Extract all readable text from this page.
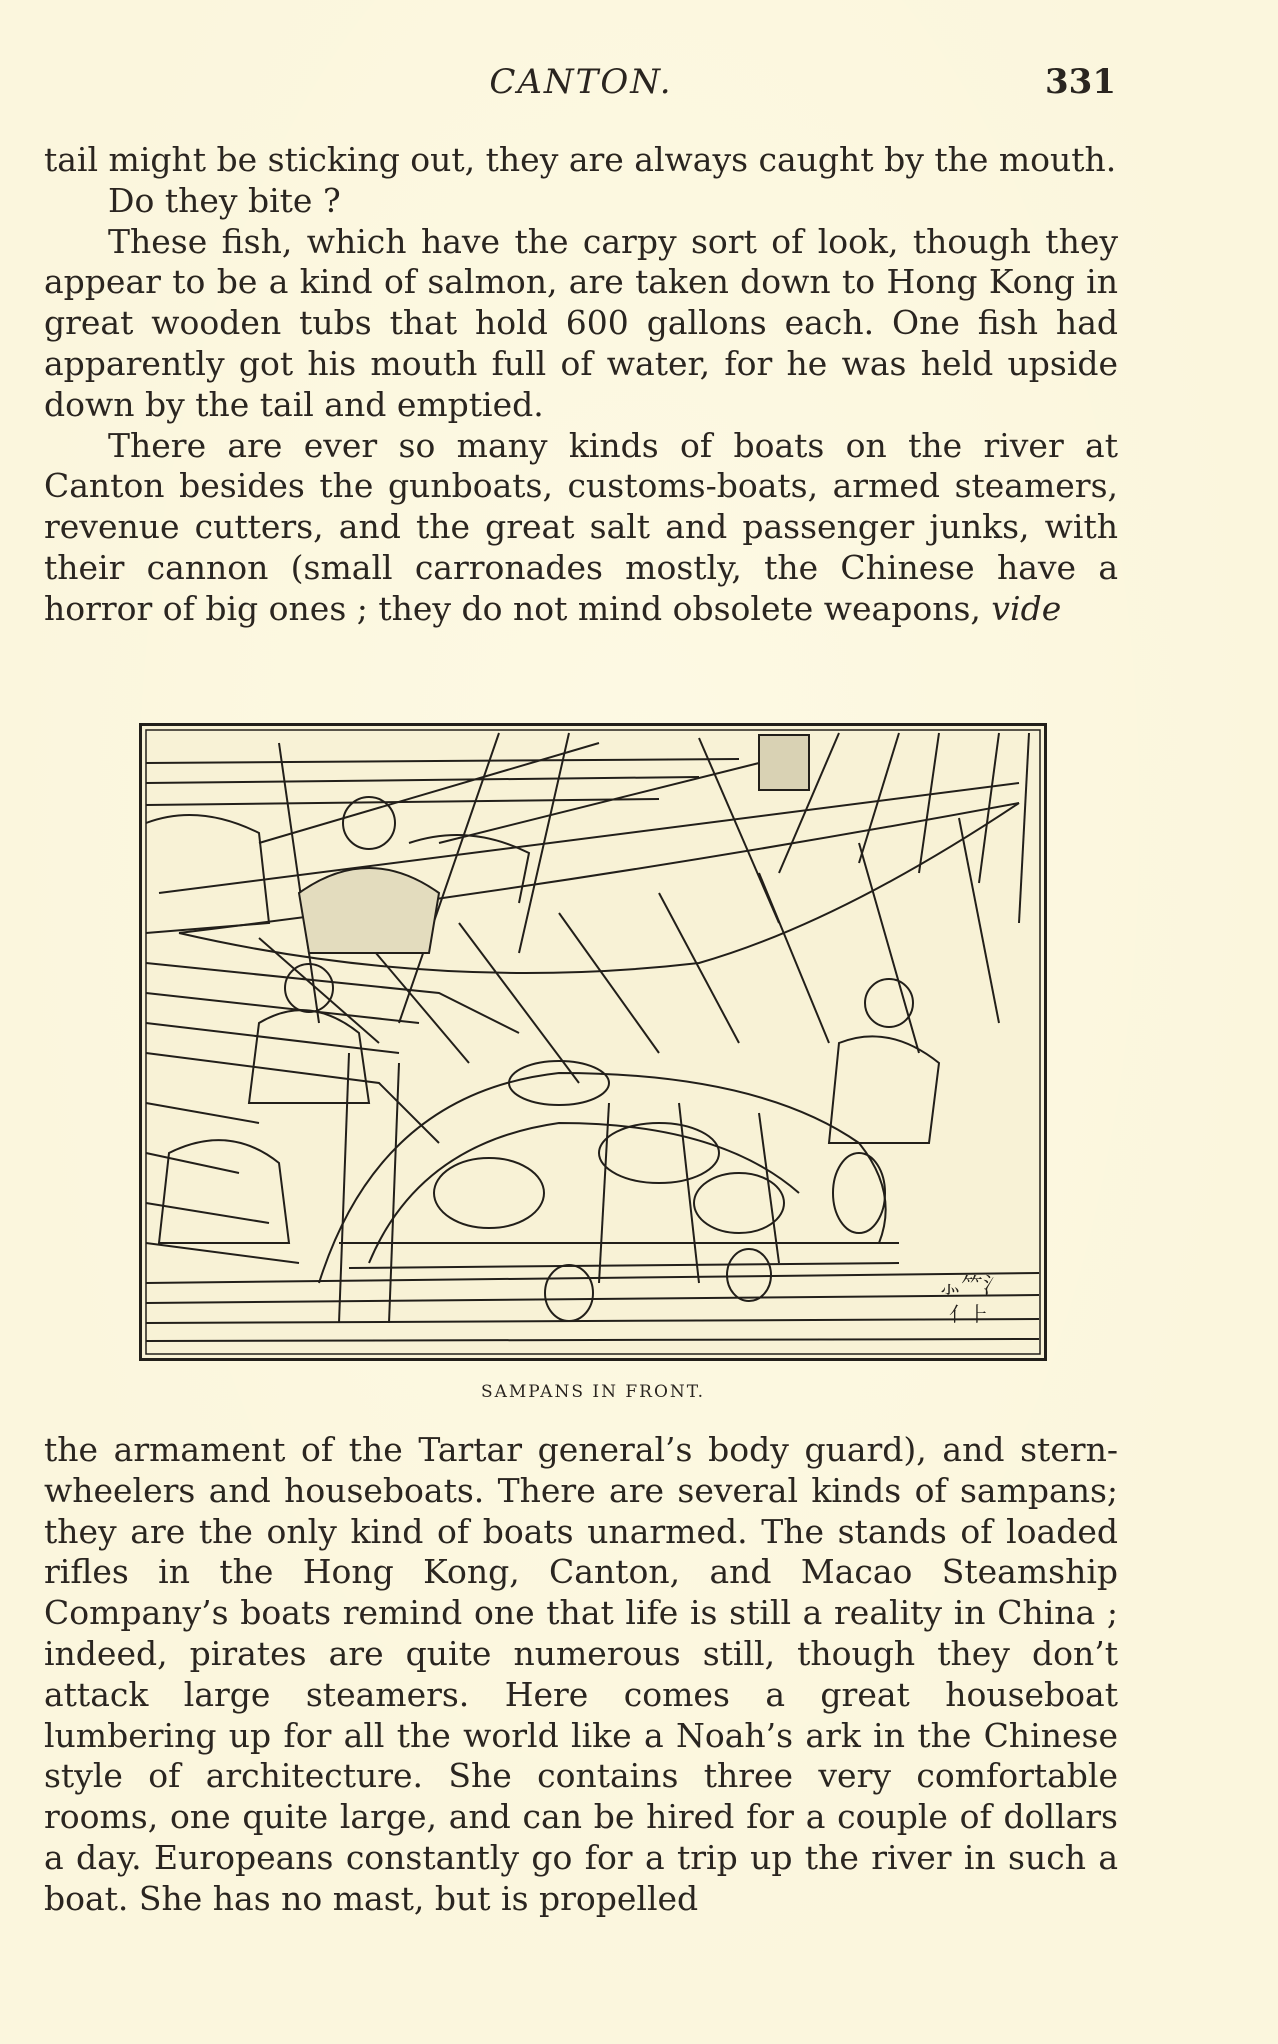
CANTON.	331

tail might be sticking out, they are always caught by the mouth.

Do they bite ?

These fish, which have the carpy sort of look, though they appear to be a kind of salmon, are taken down to Hong Kong in great wooden tubs that hold 600 gallons each. One fish had apparently got his mouth full of water, for he was held upside down by the tail and emptied.

There are ever so many kinds of boats on the river at Canton besides the gunboats, customs-boats, armed steamers, revenue cutters, and the great salt and passenger junks, with their cannon (small carronades mostly, the Chinese have a horror of big ones ; they do not mind obsolete weapons, vide

⺗⺮⺡
⺅⺊
SAMPANS IN FRONT.

the armament of the Tartar general’s body guard), and stern-wheelers and houseboats. There are several kinds of sampans; they are the only kind of boats unarmed. The stands of loaded rifles in the Hong Kong, Canton, and Macao Steamship Company’s boats remind one that life is still a reality in China ; indeed, pirates are quite numerous still, though they don’t attack large steamers. Here comes a great houseboat lumbering up for all the world like a Noah’s ark in the Chinese style of architecture. She contains three very comfortable rooms, one quite large, and can be hired for a couple of dollars a day. Europeans constantly go for a trip up the river in such a boat. She has no mast, but is propelled
